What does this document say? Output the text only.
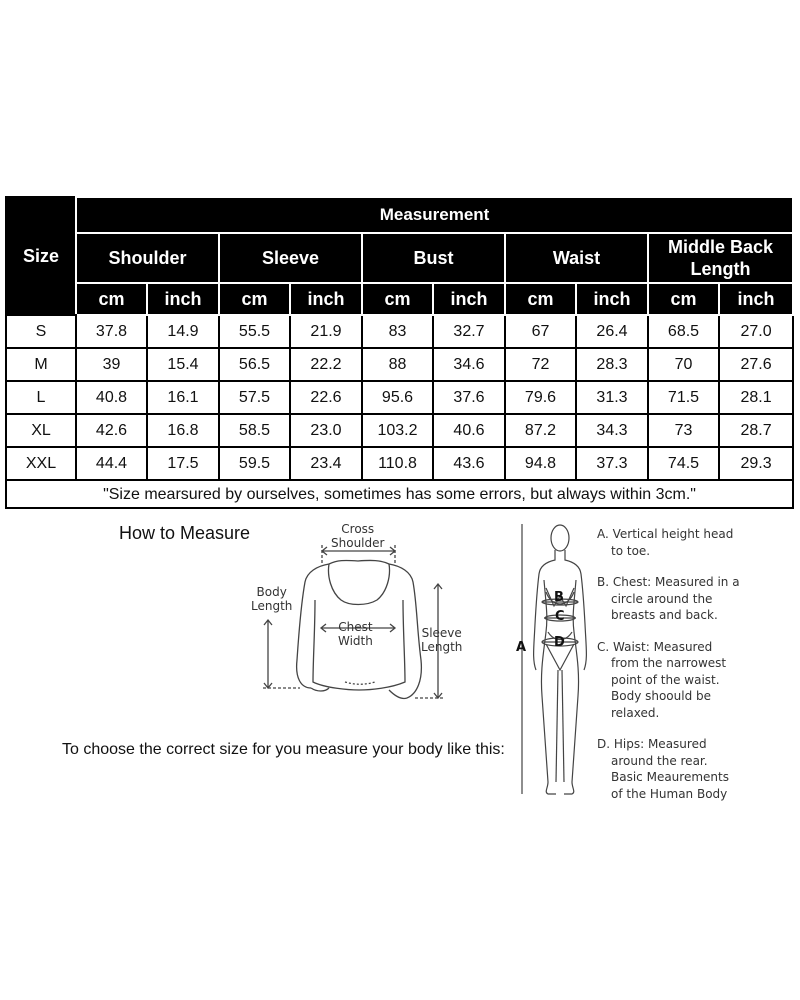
Size	Measurement									
	Shoulder		Sleeve		Bust		Waist		Middle Back Length	
	cm	inch	cm	inch	cm	inch	cm	inch	cm	inch
S	37.8	14.9	55.5	21.9	83	32.7	67	26.4	68.5	27.0
M	39	15.4	56.5	22.2	88	34.6	72	28.3	70	27.6
L	40.8	16.1	57.5	22.6	95.6	37.6	79.6	31.3	71.5	28.1
XL	42.6	16.8	58.5	23.0	103.2	40.6	87.2	34.3	73	28.7
XXL	44.4	17.5	59.5	23.4	110.8	43.6	94.8	37.3	74.5	29.3
"Size mearsured by ourselves, sometimes has some errors, but always within 3cm."										
How to Measure
To choose the correct size for you measure your body like this:
Cross
Shoulder
Body
Length
Chest
Width
Sleeve
Length	A
B
C
D
A. Vertical height head
to toe.
B. Chest: Measured in a
circle around the
breasts and back.
C. Waist: Measured
from the narrowest
point of the waist.
Body shoould be
relaxed.
D. Hips: Measured
around the rear.
Basic Meaurements
of the Human Body
